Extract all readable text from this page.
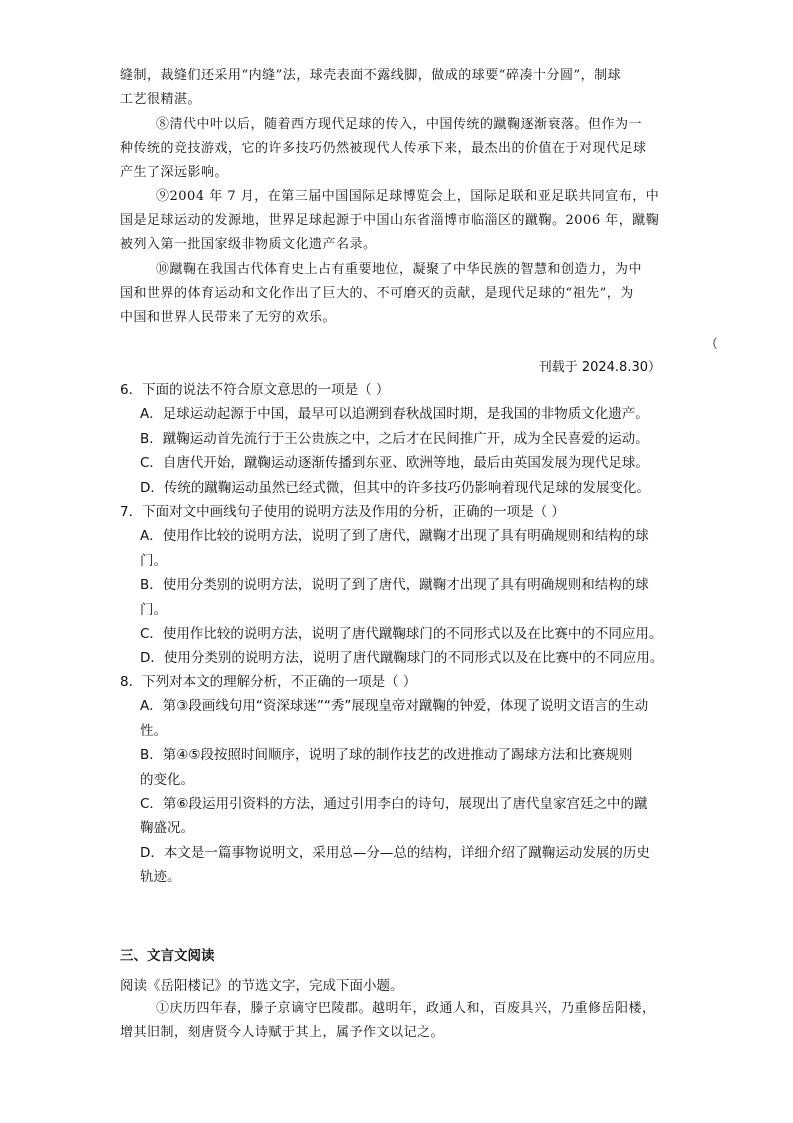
缝制，裁缝们还采用“内缝”法，球壳表面不露线脚，做成的球要“碎凑十分圆”，制球
工艺很精湛。
⑧清代中叶以后，随着西方现代足球的传入，中国传统的蹴鞠逐渐衰落。但作为一
种传统的竞技游戏，它的许多技巧仍然被现代人传承下来，最杰出的价值在于对现代足球
产生了深远影响。
⑨2004 年 7 月，在第三届中国国际足球博览会上，国际足联和亚足联共同宣布，中
国是足球运动的发源地，世界足球起源于中国山东省淄博市临淄区的蹴鞠。2006 年，蹴鞠
被列入第一批国家级非物质文化遗产名录。
⑩蹴鞠在我国古代体育史上占有重要地位，凝聚了中华民族的智慧和创造力，为中
国和世界的体育运动和文化作出了巨大的、不可磨灭的贡献，是现代足球的“祖先”，为
中国和世界人民带来了无穷的欢乐。
（
刊载于 2024.8.30）
6．下面的说法不符合原文意思的一项是（ ）
A．足球运动起源于中国，最早可以追溯到春秋战国时期，是我国的非物质文化遗产。
B．蹴鞠运动首先流行于王公贵族之中，之后才在民间推广开，成为全民喜爱的运动。
C．自唐代开始，蹴鞠运动逐渐传播到东亚、欧洲等地，最后由英国发展为现代足球。
D．传统的蹴鞠运动虽然已经式微，但其中的许多技巧仍影响着现代足球的发展变化。
7．下面对文中画线句子使用的说明方法及作用的分析，正确的一项是（ ）
A．使用作比较的说明方法，说明了到了唐代，蹴鞠才出现了具有明确规则和结构的球
门。
B．使用分类别的说明方法，说明了到了唐代，蹴鞠才出现了具有明确规则和结构的球
门。
C．使用作比较的说明方法，说明了唐代蹴鞠球门的不同形式以及在比赛中的不同应用。
D．使用分类别的说明方法，说明了唐代蹴鞠球门的不同形式以及在比赛中的不同应用。
8．下列对本文的理解分析，不正确的一项是（ ）
A．第③段画线句用“资深球迷”“秀”展现皇帝对蹴鞠的钟爱，体现了说明文语言的生动
性。
B．第④⑤段按照时间顺序，说明了球的制作技艺的改进推动了踢球方法和比赛规则
的变化。
C．第⑥段运用引资料的方法，通过引用李白的诗句，展现出了唐代皇家宫廷之中的蹴
鞠盛况。
D．本文是一篇事物说明文，采用总—分—总的结构，详细介绍了蹴鞠运动发展的历史
轨迹。
三、文言文阅读
阅读《岳阳楼记》的节选文字，完成下面小题。
①庆历四年春，滕子京谪守巴陵郡。越明年，政通人和，百废具兴，乃重修岳阳楼，
增其旧制，刻唐贤今人诗赋于其上，属予作文以记之。
